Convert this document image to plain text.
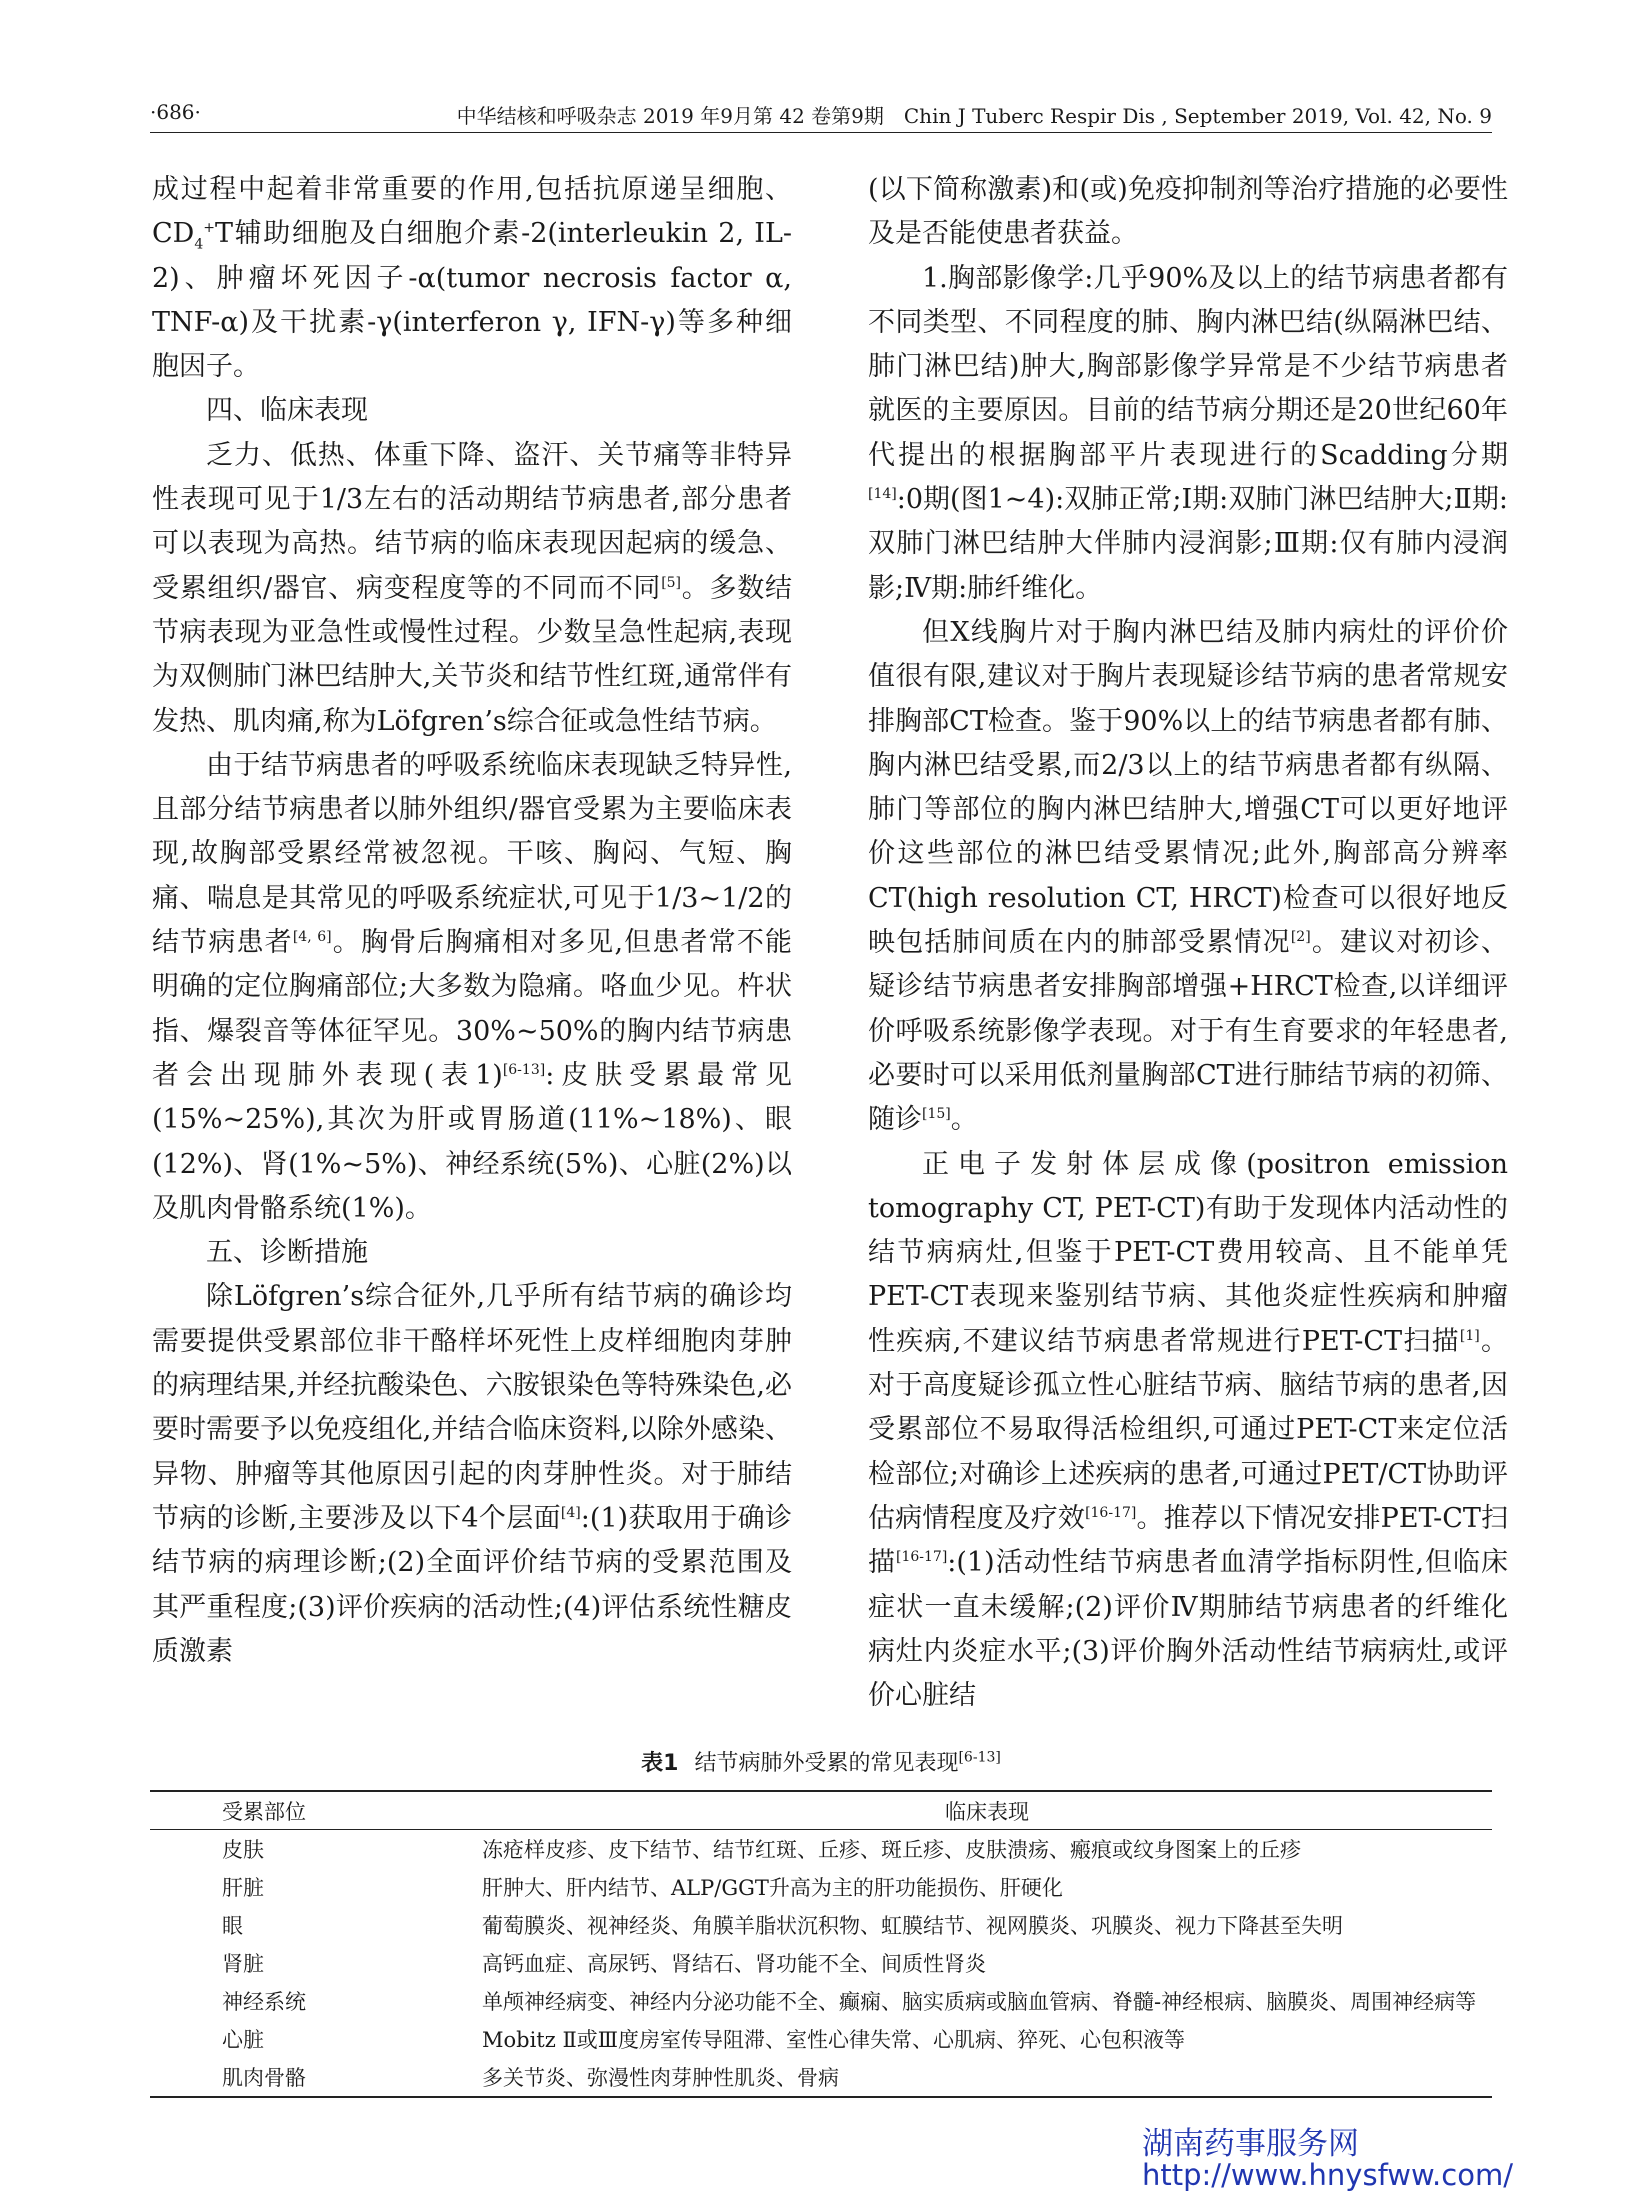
·686·	中华结核和呼吸杂志 2019 年9月第 42 卷第9期　Chin J Tuberc Respir Dis , September 2019, Vol. 42, No. 9

成过程中起着非常重要的作用,包括抗原递呈细胞、$CD_4^+T$辅助细胞及白细胞介素-2(interleukin 2, IL-2)、肿瘤坏死因子-α(tumor necrosis factor α, TNF-α)及干扰素-γ(interferon γ, IFN-γ)等多种细胞因子。

四、临床表现

乏力、低热、体重下降、盗汗、关节痛等非特异性表现可见于1/3左右的活动期结节病患者,部分患者可以表现为高热。结节病的临床表现因起病的缓急、受累组织/器官、病变程度等的不同而不同[5]。多数结节病表现为亚急性或慢性过程。少数呈急性起病,表现为双侧肺门淋巴结肿大,关节炎和结节性红斑,通常伴有发热、肌肉痛,称为Löfgren’s综合征或急性结节病。

由于结节病患者的呼吸系统临床表现缺乏特异性,且部分结节病患者以肺外组织/器官受累为主要临床表现,故胸部受累经常被忽视。干咳、胸闷、气短、胸痛、喘息是其常见的呼吸系统症状,可见于1/3~1/2的结节病患者[4, 6]。胸骨后胸痛相对多见,但患者常不能明确的定位胸痛部位;大多数为隐痛。咯血少见。杵状指、爆裂音等体征罕见。30%~50%的胸内结节病患者会出现肺外表现(表1)[6-13]:皮肤受累最常见(15%~25%),其次为肝或胃肠道(11%~18%)、眼(12%)、肾(1%~5%)、神经系统(5%)、心脏(2%)以及肌肉骨骼系统(1%)。

五、诊断措施

除Löfgren’s综合征外,几乎所有结节病的确诊均需要提供受累部位非干酪样坏死性上皮样细胞肉芽肿的病理结果,并经抗酸染色、六胺银染色等特殊染色,必要时需要予以免疫组化,并结合临床资料,以除外感染、异物、肿瘤等其他原因引起的肉芽肿性炎。对于肺结节病的诊断,主要涉及以下4个层面[4]:(1)获取用于确诊结节病的病理诊断;(2)全面评价结节病的受累范围及其严重程度;(3)评价疾病的活动性;(4)评估系统性糖皮质激素

(以下简称激素)和(或)免疫抑制剂等治疗措施的必要性及是否能使患者获益。

1.胸部影像学:几乎90%及以上的结节病患者都有不同类型、不同程度的肺、胸内淋巴结(纵隔淋巴结、肺门淋巴结)肿大,胸部影像学异常是不少结节病患者就医的主要原因。目前的结节病分期还是20世纪60年代提出的根据胸部平片表现进行的Scadding分期[14]:0期(图1~4):双肺正常;Ⅰ期:双肺门淋巴结肿大;Ⅱ期:双肺门淋巴结肿大伴肺内浸润影;Ⅲ期:仅有肺内浸润影;Ⅳ期:肺纤维化。

但X线胸片对于胸内淋巴结及肺内病灶的评价价值很有限,建议对于胸片表现疑诊结节病的患者常规安排胸部CT检查。鉴于90%以上的结节病患者都有肺、胸内淋巴结受累,而2/3以上的结节病患者都有纵隔、肺门等部位的胸内淋巴结肿大,增强CT可以更好地评价这些部位的淋巴结受累情况;此外,胸部高分辨率CT(high resolution CT, HRCT)检查可以很好地反映包括肺间质在内的肺部受累情况[2]。建议对初诊、疑诊结节病患者安排胸部增强+HRCT检查,以详细评价呼吸系统影像学表现。对于有生育要求的年轻患者,必要时可以采用低剂量胸部CT进行肺结节病的初筛、随诊[15]。

正电子发射体层成像(positron emission tomography CT, PET-CT)有助于发现体内活动性的结节病病灶,但鉴于PET-CT费用较高、且不能单凭PET-CT表现来鉴别结节病、其他炎症性疾病和肿瘤性疾病,不建议结节病患者常规进行PET-CT扫描[1]。对于高度疑诊孤立性心脏结节病、脑结节病的患者,因受累部位不易取得活检组织,可通过PET-CT来定位活检部位;对确诊上述疾病的患者,可通过PET/CT协助评估病情程度及疗效[16-17]。推荐以下情况安排PET-CT扫描[16-17]:(1)活动性结节病患者血清学指标阴性,但临床症状一直未缓解;(2)评价Ⅳ期肺结节病患者的纤维化病灶内炎症水平;(3)评价胸外活动性结节病病灶,或评价心脏结

表1 结节病肺外受累的常见表现[6-13]
受累部位	临床表现
皮肤	冻疮样皮疹、皮下结节、结节红斑、丘疹、斑丘疹、皮肤溃疡、瘢痕或纹身图案上的丘疹
肝脏	肝肿大、肝内结节、ALP/GGT升高为主的肝功能损伤、肝硬化
眼	葡萄膜炎、视神经炎、角膜羊脂状沉积物、虹膜结节、视网膜炎、巩膜炎、视力下降甚至失明
肾脏	高钙血症、高尿钙、肾结石、肾功能不全、间质性肾炎
神经系统	单颅神经病变、神经内分泌功能不全、癫痫、脑实质病或脑血管病、脊髓-神经根病、脑膜炎、周围神经病等
心脏	Mobitz Ⅱ或Ⅲ度房室传导阻滞、室性心律失常、心肌病、猝死、心包积液等
肌肉骨骼	多关节炎、弥漫性肉芽肿性肌炎、骨病
湖南药事服务网
http://www.hnysfww.com/
